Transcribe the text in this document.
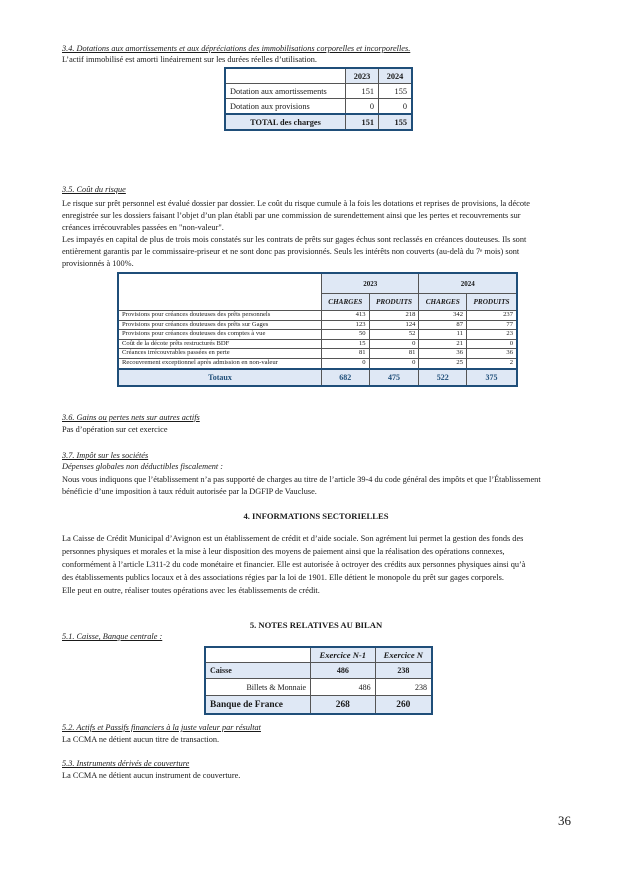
3.4. Dotations aux amortissements et aux dépréciations des immobilisations corporelles et incorporelles.
L’actif immobilisé est amorti linéairement sur les durées réelles d’utilisation.
	2023	2024
Dotation aux amortissements	151	155
Dotation aux provisions	0	0
TOTAL des charges	151	155
3.5. Coût du risque
Le risque sur prêt personnel est évalué dossier par dossier. Le coût du risque cumule à la fois les dotations et reprises de provisions, la décote
enregistrée sur les dossiers faisant l’objet d’un plan établi par une commission de surendettement ainsi que les pertes et recouvrements sur
créances irrécouvrables passées en "non-valeur".
Les impayés en capital de plus de trois mois constatés sur les contrats de prêts sur gages échus sont reclassés en créances douteuses. Ils sont
entièrement garantis par le commissaire-priseur et ne sont donc pas provisionnés. Seuls les intérêts non couverts (au-delà du 7ᵉ mois) sont
provisionnés à 100%.
	2023		2024	
	CHARGES	PRODUITS	CHARGES	PRODUITS
Provisions pour créances douteuses des prêts personnels	413	218	342	237
Provisions pour créances douteuses des prêts sur Gages	123	124	87	77
Provisions pour créances douteuses des comptes à vue	50	52	11	23
Coût de la décote prêts restructurés BDF	15	0	21	0
Créances irrécouvrables passées en perte	81	81	36	36
Recouvrement exceptionnel après admission en non-valeur	0	0	25	2
Totaux	682	475	522	375
3.6. Gains ou pertes nets sur autres actifs
Pas d’opération sur cet exercice
3.7. Impôt sur les sociétés
Dépenses globales non déductibles fiscalement :
Nous vous indiquons que l’établissement n’a pas supporté de charges au titre de l’article 39-4 du code général des impôts et que l’Établissement
bénéficie d’une imposition à taux réduit autorisée par la DGFIP de Vaucluse.
4. INFORMATIONS SECTORIELLES
La Caisse de Crédit Municipal d’Avignon est un établissement de crédit et d’aide sociale. Son agrément lui permet la gestion des fonds des
personnes physiques et morales et la mise à leur disposition des moyens de paiement ainsi que la réalisation des opérations connexes,
conformément à l’article L311-2 du code monétaire et financier. Elle est autorisée à octroyer des crédits aux personnes physiques ainsi qu’à
des établissements publics locaux et à des associations régies par la loi de 1901. Elle détient le monopole du prêt sur gages corporels.
Elle peut en outre, réaliser toutes opérations avec les établissements de crédit.
5. NOTES RELATIVES AU BILAN
5.1. Caisse, Banque centrale :
	Exercice N-1	Exercice N
Caisse	486	238
Billets & Monnaie	486	238
Banque de France	268	260
5.2. Actifs et Passifs financiers à la juste valeur par résultat
La CCMA ne détient aucun titre de transaction.
5.3. Instruments dérivés de couverture
La CCMA ne détient aucun instrument de couverture.
36
